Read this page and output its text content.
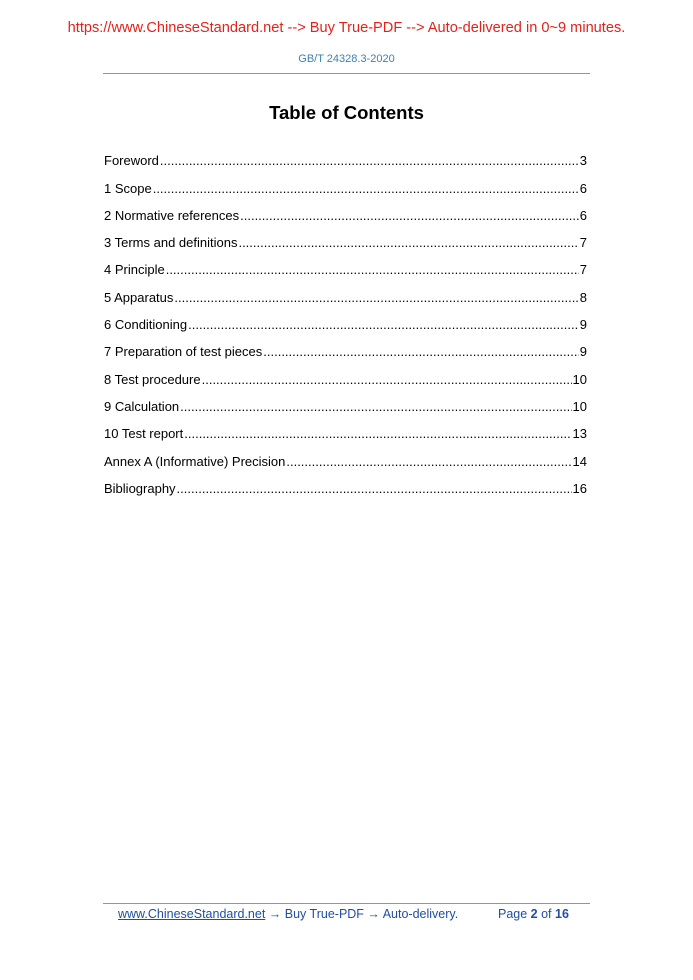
https://www.ChineseStandard.net --> Buy True-PDF --> Auto-delivered in 0~9 minutes.
GB/T 24328.3-2020
Table of Contents
Foreword .....	3
1 Scope .....	6
2 Normative references .....	6
3 Terms and definitions .....	7
4 Principle .....	7
5 Apparatus .....	8
6 Conditioning .....	9
7 Preparation of test pieces .....	9
8 Test procedure .....	10
9 Calculation .....	10
10 Test report .....	13
Annex A (Informative) Precision .....	14
Bibliography .....	16
www.ChineseStandard.net → Buy True-PDF → Auto-delivery.	Page 2 of 16
